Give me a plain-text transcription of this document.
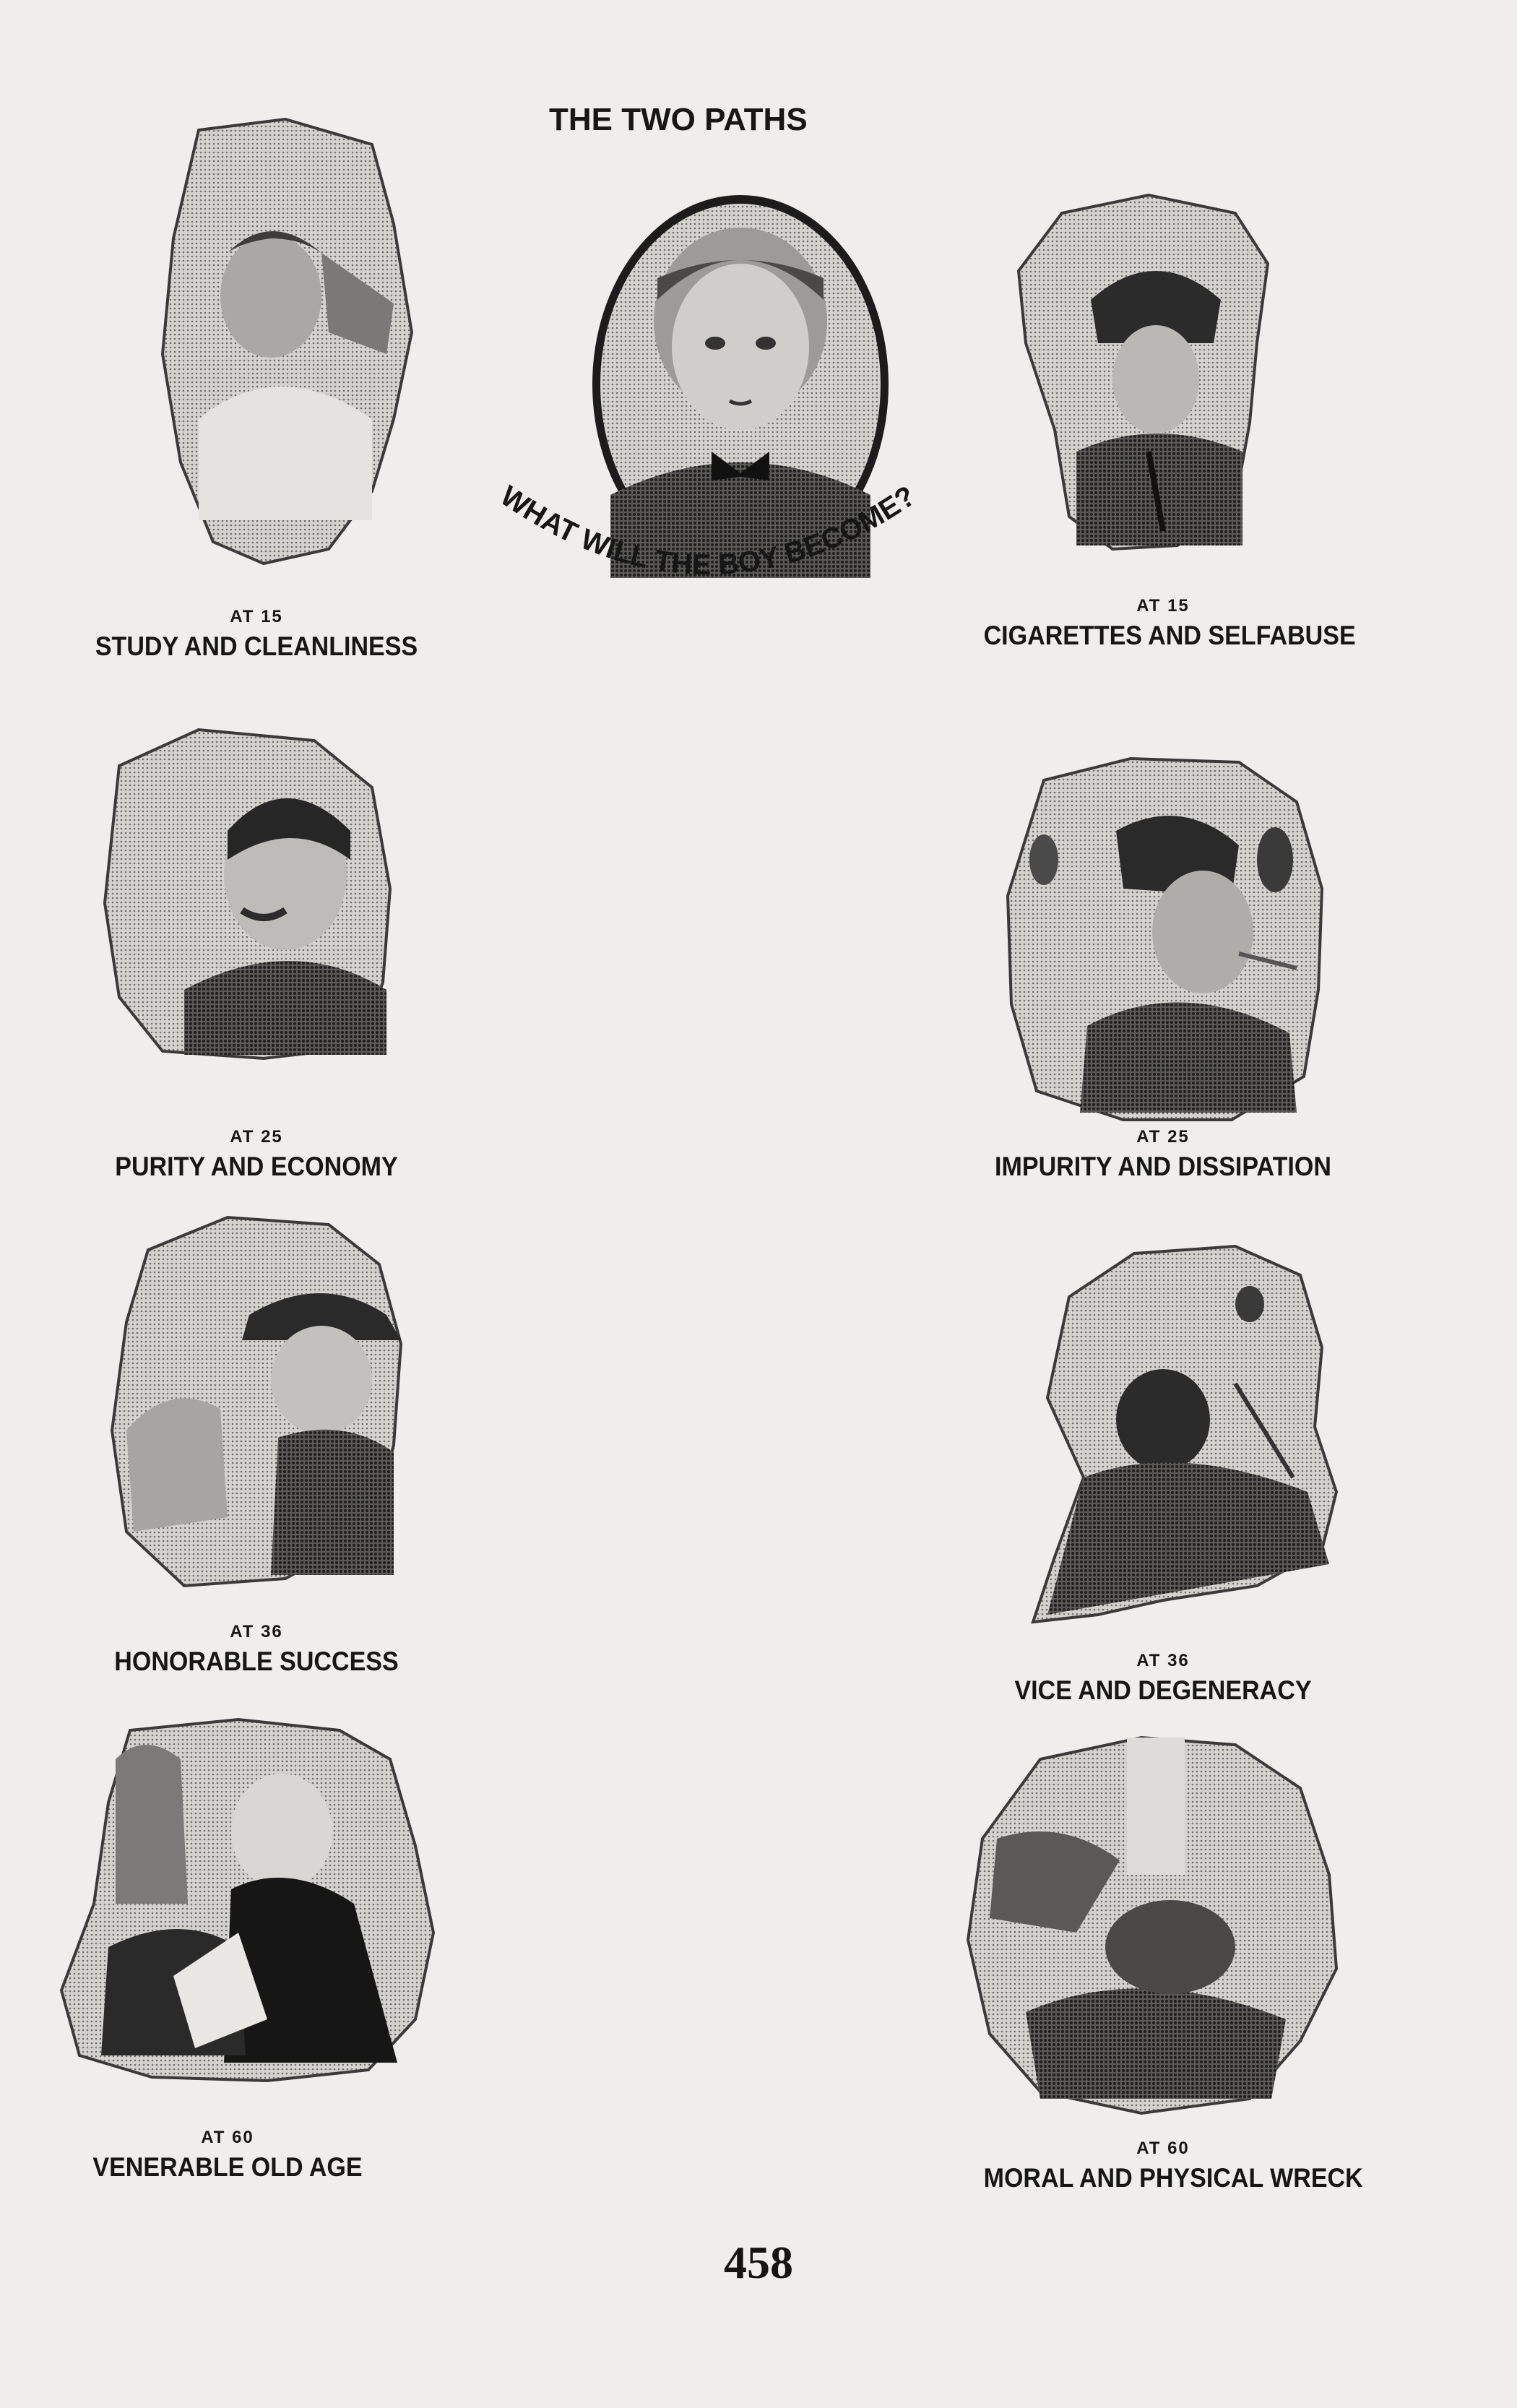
THE TWO PATHS
WHAT WILL THE BOY BECOME?
AT 15
STUDY AND CLEANLINESS
AT 25
PURITY AND ECONOMY
AT 36
HONORABLE SUCCESS
AT 60
VENERABLE OLD AGE
AT 15
CIGARETTES AND SELFABUSE
AT 25
IMPURITY AND DISSIPATION
AT 36
VICE AND DEGENERACY
AT 60
MORAL AND PHYSICAL WRECK
458
